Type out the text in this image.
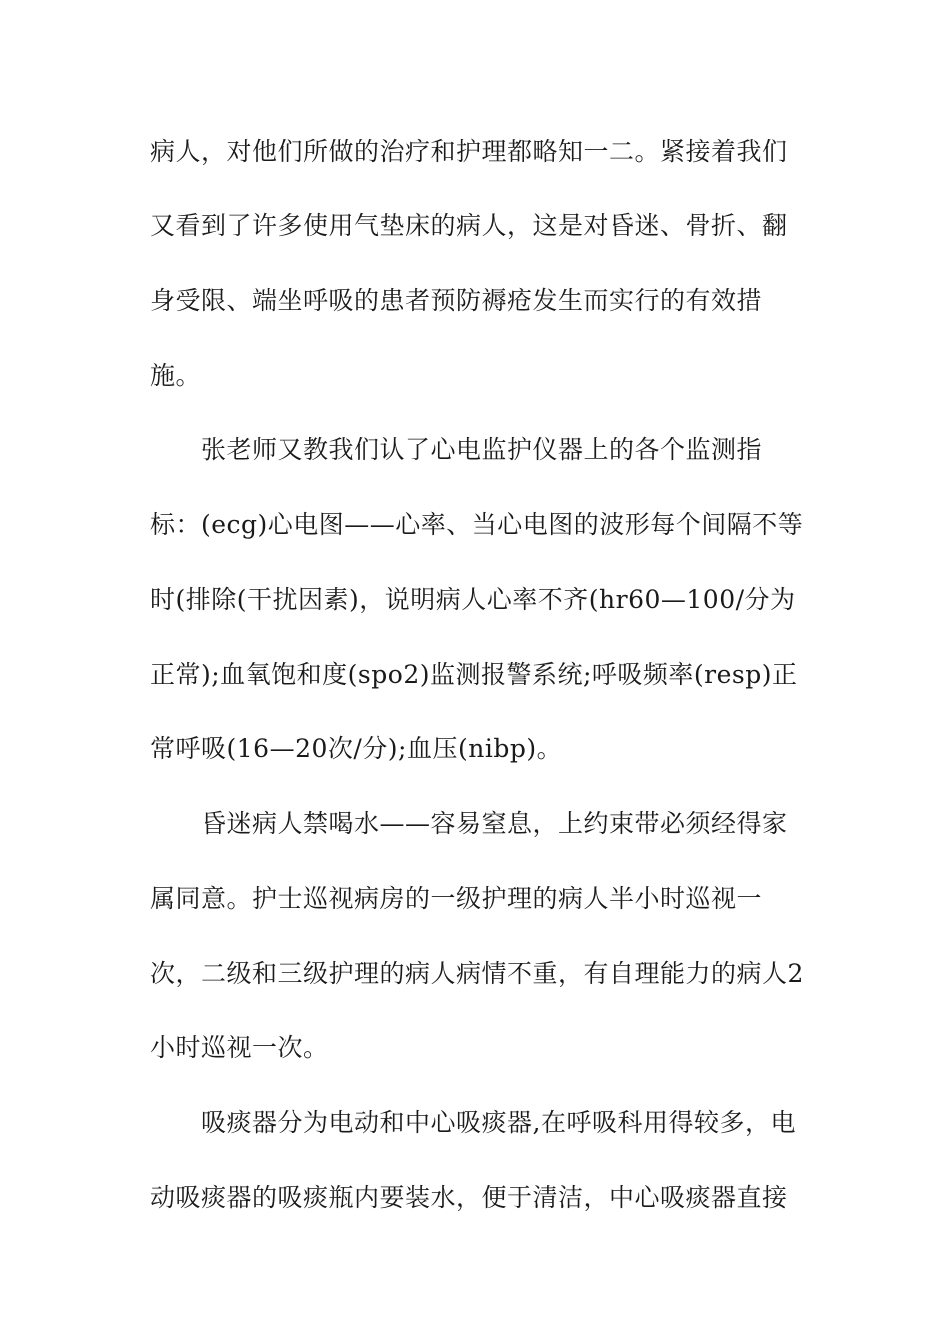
病人，对他们所做的治疗和护理都略知一二。紧接着我们
又看到了许多使用气垫床的病人，这是对昏迷、骨折、翻
身受限、端坐呼吸的患者预防褥疮发生而实行的有效措
施。
张老师又教我们认了心电监护仪器上的各个监测指
标：(ecg)心电图——心率、当心电图的波形每个间隔不等
时(排除(干扰因素)，说明病人心率不齐(hr60—100/分为
正常);血氧饱和度(spo2)监测报警系统;呼吸频率(resp)正
常呼吸(16—20次/分);血压(nibp)。
昏迷病人禁喝水——容易窒息，上约束带必须经得家
属同意。护士巡视病房的一级护理的病人半小时巡视一
次，二级和三级护理的病人病情不重，有自理能力的病人2
小时巡视一次。
吸痰器分为电动和中心吸痰器,在呼吸科用得较多，电
动吸痰器的吸痰瓶内要装水，便于清洁，中心吸痰器直接
